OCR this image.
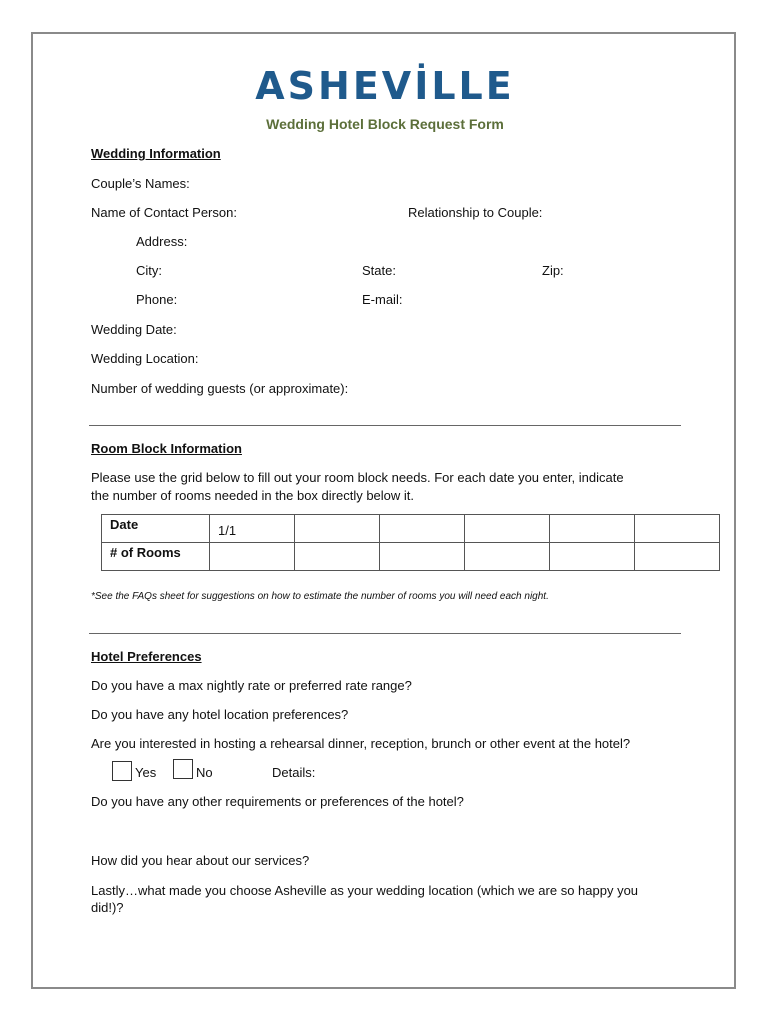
ASHEVİLLE
Wedding Hotel Block Request Form
Wedding Information
Couple’s Names:
Name of Contact Person:	Relationship to Couple:
Address:
City:	State:	Zip:
Phone:	E-mail:
Wedding Date:
Wedding Location:
Number of wedding guests (or approximate):
Room Block Information
Please use the grid below to fill out your room block needs. For each date you enter, indicate
the number of rooms needed in the box directly below it.
Date	1/1					
# of Rooms						
*See the FAQs sheet for suggestions on how to estimate the number of rooms you will need each night.
Hotel Preferences
Do you have a max nightly rate or preferred rate range?
Do you have any hotel location preferences?
Are you interested in hosting a rehearsal dinner, reception, brunch or other event at the hotel?
Yes	No	Details:
Do you have any other requirements or preferences of the hotel?
How did you hear about our services?
Lastly…what made you choose Asheville as your wedding location (which we are so happy you
did!)?
